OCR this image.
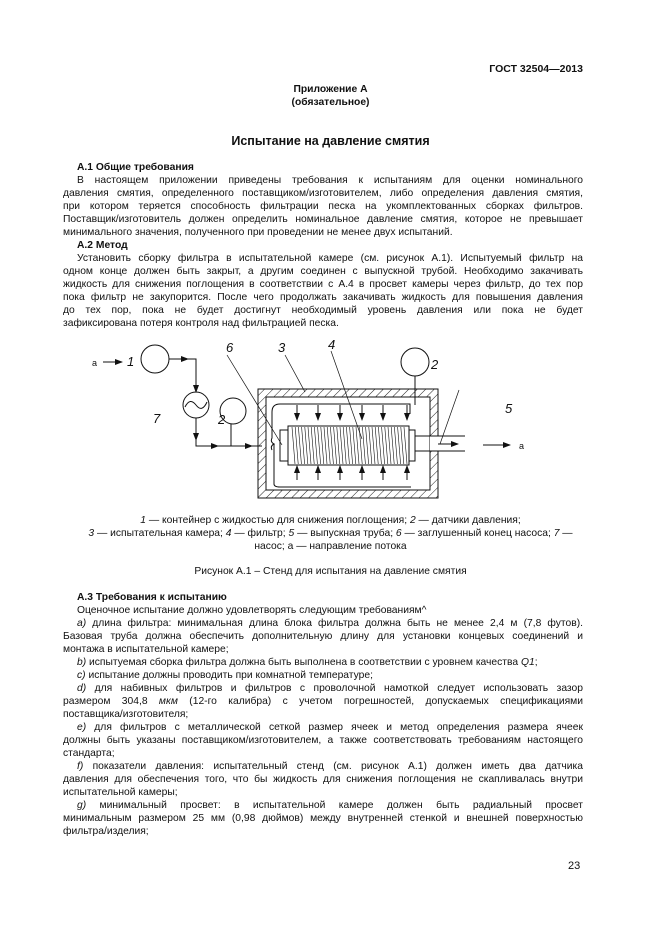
ГОСТ 32504—2013
Приложение А
(обязательное)
Испытание на давление смятия
А.1 Общие требования
В настоящем приложении приведены требования к испытаниям для оценки номинального
давления смятия, определенного поставщиком/изготовителем, либо определения давления смятия,
при котором теряется способность фильтрации песка на укомплектованных сборках фильтров.
Поставщик/изготовитель должен определить номинальное давление смятия, которое не превышает
минимального значения, полученного при проведении не менее двух испытаний.
А.2 Метод
Установить сборку фильтра в испытательной камере (см. рисунок А.1). Испытуемый фильтр на
одном конце должен быть закрыт, а другим соединен с выпускной трубой. Необходимо закачивать
жидкость для снижения поглощения в соответствии с А.4 в просвет камеры через фильтр, до тех пор
пока фильтр не закупорится. После чего продолжать закачивать жидкость для повышения давления
до тех пор, пока не будет достигнут необходимый уровень давления или пока не будет
зафиксирована потеря контроля над фильтрацией песка.
А.3 Требования к испытанию
Оценочное испытание должно удовлетворять следующим требованиям^
а) длина фильтра: минимальная длина блока фильтра должна быть не менее 2,4 м (7,8 футов).
Базовая труба должна обеспечить дополнительную длину для установки концевых соединений и
монтажа в испытательной камере;
b) испытуемая сборка фильтра должна быть выполнена в соответствии с уровнем качества Q1;
c) испытание должны проводить при комнатной температуре;
d) для набивных фильтров и фильтров с проволочной намоткой следует использовать зазор
размером 304,8 мкм (12-го калибра) с учетом погрешностей, допускаемых спецификациями
поставщика/изготовителя;
e) для фильтров с металлической сеткой размер ячеек и метод определения размера ячеек
должны быть указаны поставщиком/изготовителем, а также соответствовать требованиям настоящего
стандарта;
f) показатели давления: испытательный стенд (см. рисунок А.1) должен иметь два датчика
давления для обеспечения того, что бы жидкость для снижения поглощения не скапливалась внутри
испытательной камеры;
g) минимальный просвет: в испытательной камере должен быть радиальный просвет
минимальным размером 25 мм (0,98 дюймов) между внутренней стенкой и внешней поверхностью
фильтра/изделия;
а 1
7	2
6	3	4
2
5
а
1 — контейнер с жидкостью для снижения поглощения; 2 — датчики давления;
3 — испытательная камера; 4 — фильтр; 5 — выпускная труба; 6 — заглушенный конец насоса; 7 —
насос; а — направление потока
Рисунок А.1 – Стенд для испытания на давление смятия
23
